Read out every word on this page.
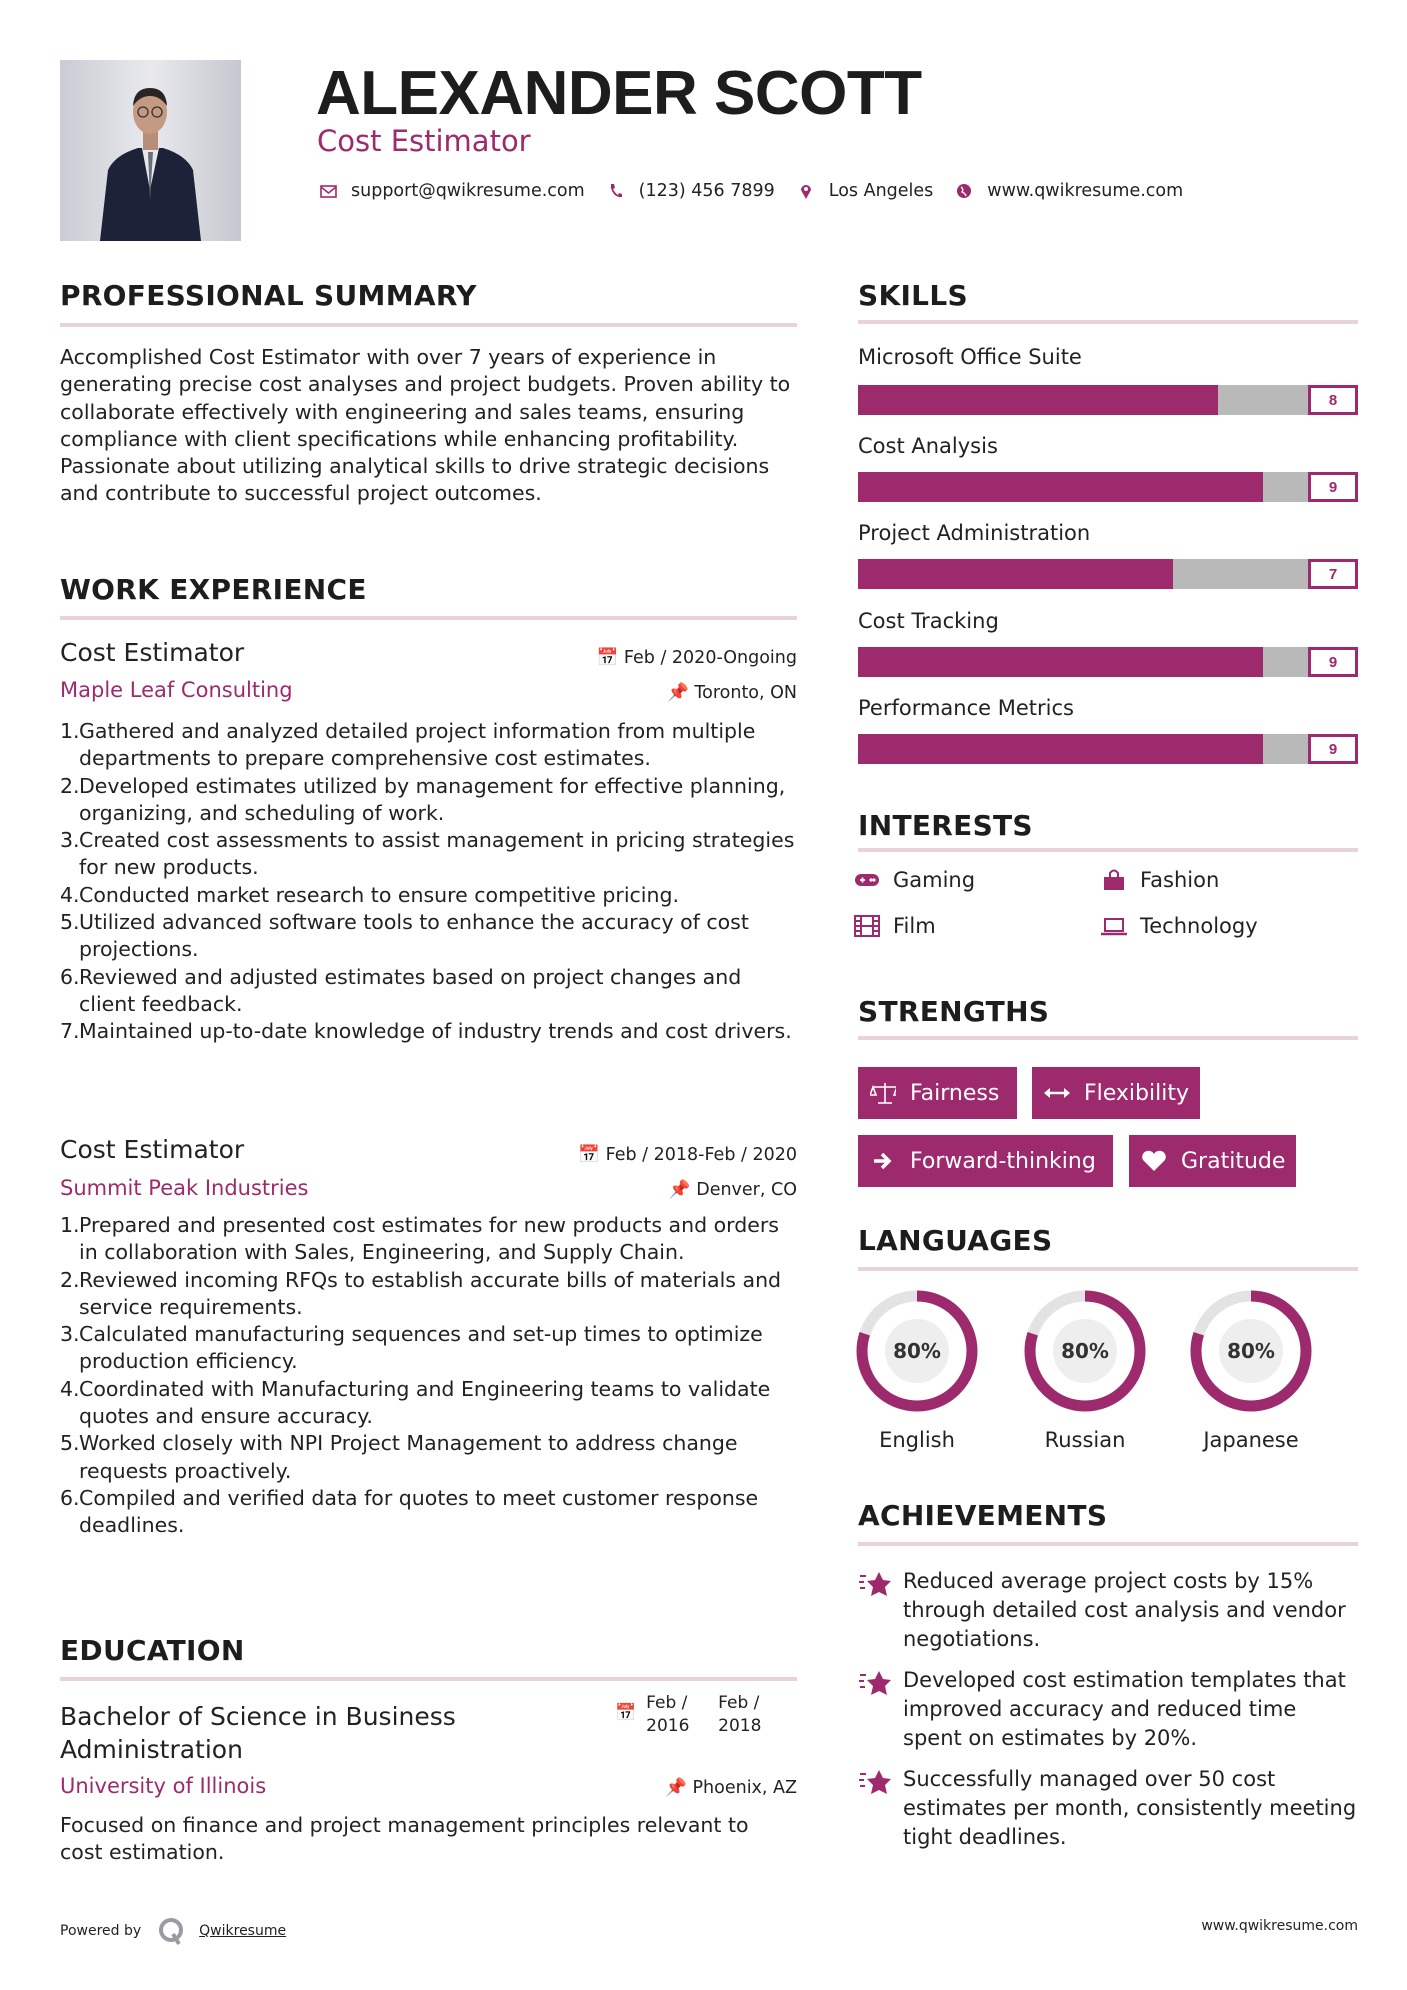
ALEXANDER SCOTT
Cost Estimator
support@qwikresume.com	(123) 456 7899	Los Angeles	www.qwikresume.com
PROFESSIONAL SUMMARY
Accomplished Cost Estimator with over 7 years of experience in generating precise cost analyses and project budgets. Proven ability to collaborate effectively with engineering and sales teams, ensuring compliance with client specifications while enhancing profitability. Passionate about utilizing analytical skills to drive strategic decisions and contribute to successful project outcomes.
WORK EXPERIENCE
Cost Estimator	📅 Feb / 2020-Ongoing
Maple Leaf Consulting	📌 Toronto, ON
1. Gathered and analyzed detailed project information from multiple departments to prepare comprehensive cost estimates.
2. Developed estimates utilized by management for effective planning, organizing, and scheduling of work.
3. Created cost assessments to assist management in pricing strategies for new products.
4. Conducted market research to ensure competitive pricing.
5. Utilized advanced software tools to enhance the accuracy of cost projections.
6. Reviewed and adjusted estimates based on project changes and client feedback.
7. Maintained up-to-date knowledge of industry trends and cost drivers.
Cost Estimator	📅 Feb / 2018-Feb / 2020
Summit Peak Industries	📌 Denver, CO
1. Prepared and presented cost estimates for new products and orders in collaboration with Sales, Engineering, and Supply Chain.
2. Reviewed incoming RFQs to establish accurate bills of materials and service requirements.
3. Calculated manufacturing sequences and set-up times to optimize production efficiency.
4. Coordinated with Manufacturing and Engineering teams to validate quotes and ensure accuracy.
5. Worked closely with NPI Project Management to address change requests proactively.
6. Compiled and verified data for quotes to meet customer response deadlines.
EDUCATION
Bachelor of Science in Business Administration
📅 Feb / 2016
Feb / 2018
University of Illinois	📌 Phoenix, AZ
Focused on finance and project management principles relevant to cost estimation.
SKILLS
Microsoft Office Suite
8
Cost Analysis
9
Project Administration
7
Cost Tracking
9
Performance Metrics
9
INTERESTS
Gaming	Fashion
Film	Technology
STRENGTHS
Fairness	Flexibility
Forward-thinking	Gratitude
LANGUAGES
80%
English
80%
Russian
80%
Japanese
ACHIEVEMENTS
Reduced average project costs by 15% through detailed cost analysis and vendor negotiations.
Developed cost estimation templates that improved accuracy and reduced time spent on estimates by 20%.
Successfully managed over 50 cost estimates per month, consistently meeting tight deadlines.
Powered by	Qwikresume	www.qwikresume.com
